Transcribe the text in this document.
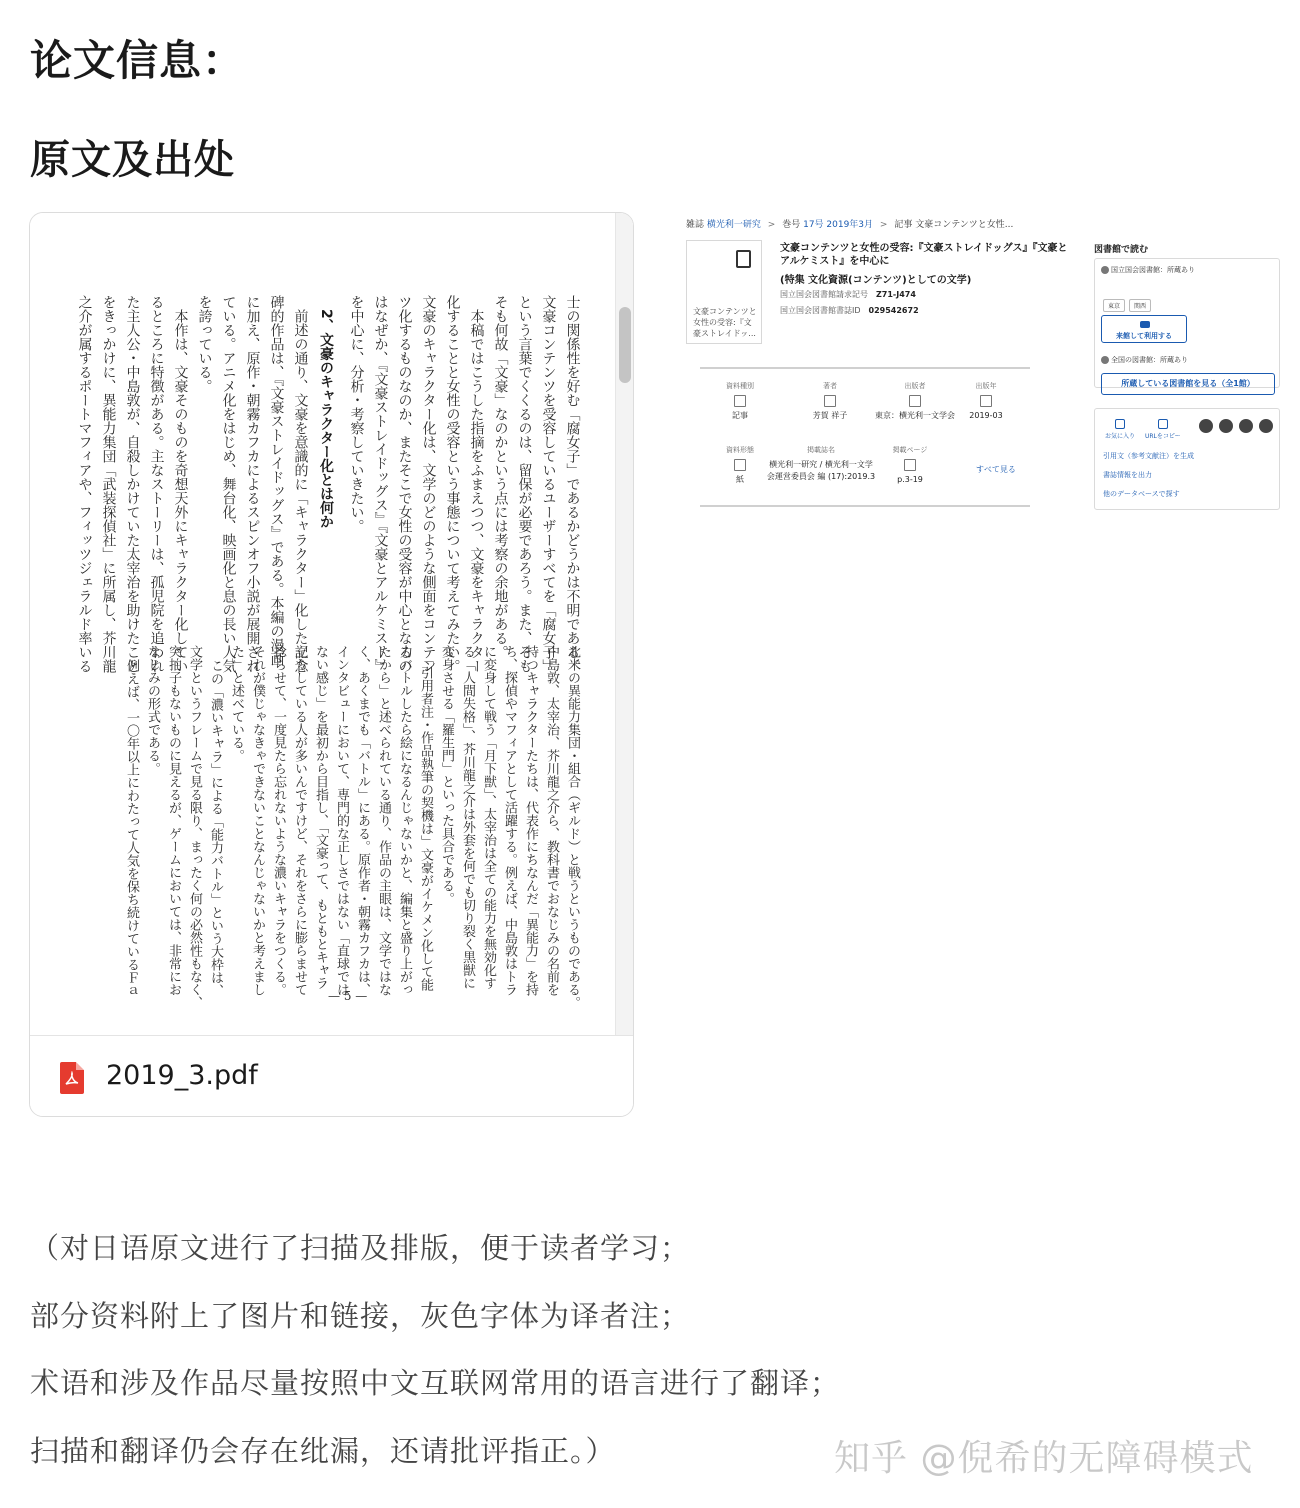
论文信息：
原文及出处
士の関係性を好む「腐女子」であるかどうかは不明である。
文豪コンテンツを受容しているユーザーすべてを「腐女子」
という言葉でくくるのは、留保が必要であろう。また、そも
そも何故「文豪」なのかという点には考察の余地がある。
本稿ではこうした指摘をふまえつつ、文豪をキャラクター
化することと女性の受容という事態について考えてみたい。
文豪のキャラクター化は、文学のどのような側面をコンテン
ツ化するものなのか、またそこで女性の受容が中心となるの
はなぜか、『文豪ストレイドッグス』『文豪とアルケミスト』
を中心に、分析・考察していきたい。
2、文豪のキャラクター化とは何か
前述の通り、文豪を意識的に「キャラクター」化した記念
碑的作品は、『文豪ストレイドッグス』である。本編の漫画
に加え、原作・朝霧カフカによるスピンオフ小説が展開され
ている。アニメ化をはじめ、舞台化、映画化と息の長い人気
を誇っている。
本作は、文豪そのものを奇想天外にキャラクター化してい
るところに特徴がある。主なストーリーは、孤児院を追われ
た主人公・中島敦が、自殺しかけていた太宰治を助けたこと
をきっかけに、異能力集団「武装探偵社」に所属し、芥川龍
之介が属するポートマフィアや、フィッツジェラルド率いる
北米の異能力集団・組合（ギルド）と戦うというものである。
中島敦、太宰治、芥川龍之介ら、教科書でおなじみの名前を
持つキャラクターたちは、代表作にちなんだ「異能力」を持
ち、探偵やマフィアとして活躍する。例えば、中島敦はトラ
に変身して戦う「月下獣」、太宰治は全ての能力を無効化す
る「人間失格」、芥川龍之介は外套を何でも切り裂く黒獣に
変身させる「羅生門」といった具合である。
「引用者注・作品執筆の契機は」文豪がイケメン化して能
力バトルしたら絵になるんじゃないかと、編集と盛り上がっ
たから」と述べられている通り、作品の主眼は、文学ではな
く、あくまでも「バトル」にある。原作者・朝霧カフカは、
インタビューにおいて、専門的な正しさではない「直球では
ない感じ」を最初から目指し、「文豪って、もともとキャラ
立ちしている人が多いんですけど、それをさらに膨らませて
捻らせて、一度見たら忘れないような濃いキャラをつくる。
それが僕じゃなきゃできないことなんじゃないかと考えまし
た」と述べている。
この「濃いキャラ」による「能力バトル」という大枠は、
文学というフレームで見る限り、まったく何の必然性もなく、
突拍子もないものに見えるが、ゲームにおいては、非常にお
なじみの形式である。
例えば、一〇年以上にわたって人気を保ち続けているＦａ	— 5 —
2019_3.pdf
雑誌 横光利一研究 > 巻号 17号 2019年3月 > 記事 文豪コンテンツと女性...
文豪コンテンツと女性の受容:『文豪ストレイドッ...
文豪コンテンツと女性の受容:『文豪ストレイドッグス』『文豪とアルケミスト』を中心に
(特集 文化資源(コンテンツ)としての文学)
国立国会図書館請求記号 Z71-J474
国立国会図書館書誌ID 029542672
資料種別
記事
著者
芳賀 祥子
出版者
東京：横光利一文学会
出版年
2019-03
資料形態
紙
掲載誌名
横光利一研究 / 横光利一文学会運営委員会 編 (17):2019.3
掲載ページ
p.3-19
すべて見る
図書館で読む
国立国会図書館：所蔵あり
東京	関西
来館して利用する
全国の図書館：所蔵あり
所蔵している図書館を見る（全1館）
お気に入り URLをコピー
引用文（参考文献注）を生成
書誌情報を出力
他のデータベースで探す
（对日语原文进行了扫描及排版，便于读者学习；
部分资料附上了图片和链接，灰色字体为译者注；
术语和涉及作品尽量按照中文互联网常用的语言进行了翻译；
扫描和翻译仍会存在纰漏，还请批评指正。）	知乎 @倪希的无障碍模式
